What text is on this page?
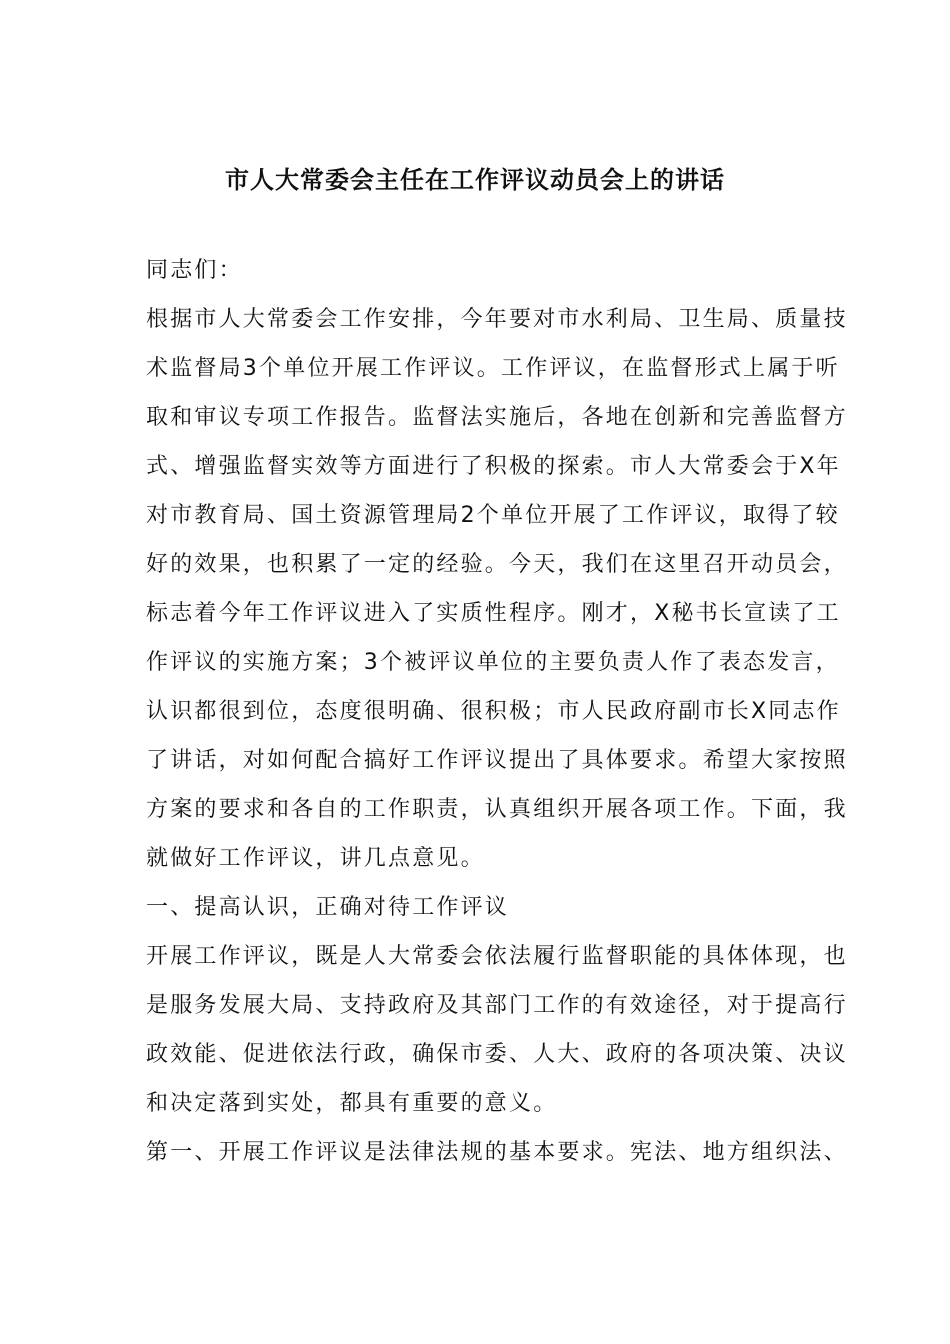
市人大常委会主任在工作评议动员会上的讲话
同志们：
根据市人大常委会工作安排，今年要对市水利局、卫生局、质量技
术监督局3个单位开展工作评议。工作评议，在监督形式上属于听
取和审议专项工作报告。监督法实施后，各地在创新和完善监督方
式、增强监督实效等方面进行了积极的探索。市人大常委会于X年
对市教育局、国土资源管理局2个单位开展了工作评议，取得了较
好的效果，也积累了一定的经验。今天，我们在这里召开动员会，
标志着今年工作评议进入了实质性程序。刚才，X秘书长宣读了工
作评议的实施方案；3个被评议单位的主要负责人作了表态发言，
认识都很到位，态度很明确、很积极；市人民政府副市长X同志作
了讲话，对如何配合搞好工作评议提出了具体要求。希望大家按照
方案的要求和各自的工作职责，认真组织开展各项工作。下面，我
就做好工作评议，讲几点意见。
一、提高认识，正确对待工作评议
开展工作评议，既是人大常委会依法履行监督职能的具体体现，也
是服务发展大局、支持政府及其部门工作的有效途径，对于提高行
政效能、促进依法行政，确保市委、人大、政府的各项决策、决议
和决定落到实处，都具有重要的意义。
第一、开展工作评议是法律法规的基本要求。宪法、地方组织法、
